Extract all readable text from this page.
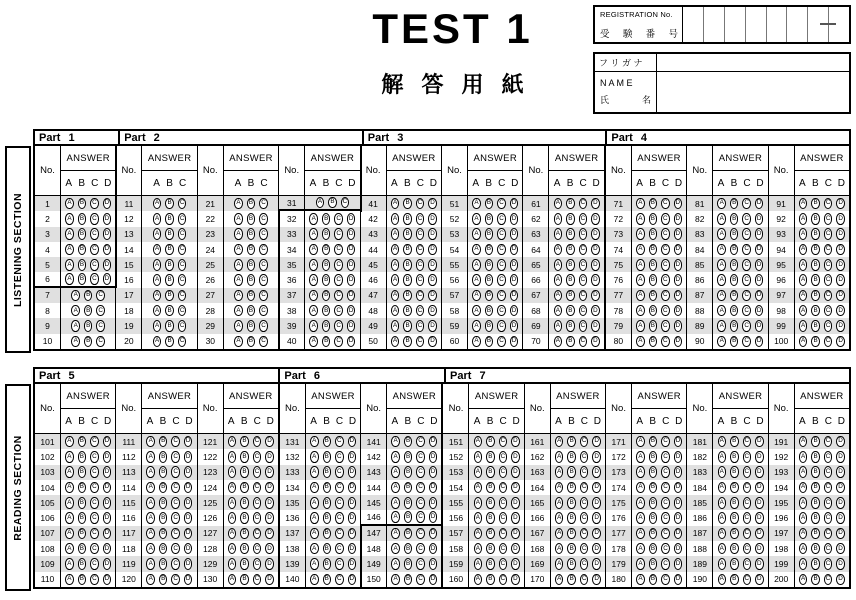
TEST 1
解 答 用 紙
REGISTRATION No.
受 験 番 号
フ リ ガ ナ
N A M E
氏	名
LISTENING SECTION
Part 1	Part 2	Part 3	Part 4
No.
ANSWER
A B C D
1	A	B	C	D
2	A	B	C	D
3	A	B	C	D
4	A	B	C	D
5	A	B	C	D
6	A	B	C	D
7	A	B	C
8	A	B	C
9	A	B	C
10	A	B	C
No.
ANSWER
A B C
11	A	B	C
12	A	B	C
13	A	B	C
14	A	B	C
15	A	B	C
16	A	B	C
17	A	B	C
18	A	B	C
19	A	B	C
20	A	B	C
No.
ANSWER
A B C
21	A	B	C
22	A	B	C
23	A	B	C
24	A	B	C
25	A	B	C
26	A	B	C
27	A	B	C
28	A	B	C
29	A	B	C
30	A	B	C
No.
ANSWER
A B C D
31	A	B	C
32	A	B	C	D
33	A	B	C	D
34	A	B	C	D
35	A	B	C	D
36	A	B	C	D
37	A	B	C	D
38	A	B	C	D
39	A	B	C	D
40	A	B	C	D
No.
ANSWER
A B C D
41	A	B	C	D
42	A	B	C	D
43	A	B	C	D
44	A	B	C	D
45	A	B	C	D
46	A	B	C	D
47	A	B	C	D
48	A	B	C	D
49	A	B	C	D
50	A	B	C	D
No.
ANSWER
A B C D
51	A	B	C	D
52	A	B	C	D
53	A	B	C	D
54	A	B	C	D
55	A	B	C	D
56	A	B	C	D
57	A	B	C	D
58	A	B	C	D
59	A	B	C	D
60	A	B	C	D
No.
ANSWER
A B C D
61	A	B	C	D
62	A	B	C	D
63	A	B	C	D
64	A	B	C	D
65	A	B	C	D
66	A	B	C	D
67	A	B	C	D
68	A	B	C	D
69	A	B	C	D
70	A	B	C	D
No.
ANSWER
A B C D
71	A	B	C	D
72	A	B	C	D
73	A	B	C	D
74	A	B	C	D
75	A	B	C	D
76	A	B	C	D
77	A	B	C	D
78	A	B	C	D
79	A	B	C	D
80	A	B	C	D
No.
ANSWER
A B C D
81	A	B	C	D
82	A	B	C	D
83	A	B	C	D
84	A	B	C	D
85	A	B	C	D
86	A	B	C	D
87	A	B	C	D
88	A	B	C	D
89	A	B	C	D
90	A	B	C	D
No.
ANSWER
A B C D
91	A	B	C	D
92	A	B	C	D
93	A	B	C	D
94	A	B	C	D
95	A	B	C	D
96	A	B	C	D
97	A	B	C	D
98	A	B	C	D
99	A	B	C	D
100	A	B	C	D
READING SECTION
Part 5	Part 6	Part 7
No.
ANSWER
A B C D
101	A	B	C	D
102	A	B	C	D
103	A	B	C	D
104	A	B	C	D
105	A	B	C	D
106	A	B	C	D
107	A	B	C	D
108	A	B	C	D
109	A	B	C	D
110	A	B	C	D
No.
ANSWER
A B C D
111	A	B	C	D
112	A	B	C	D
113	A	B	C	D
114	A	B	C	D
115	A	B	C	D
116	A	B	C	D
117	A	B	C	D
118	A	B	C	D
119	A	B	C	D
120	A	B	C	D
No.
ANSWER
A B C D
121	A	B	C	D
122	A	B	C	D
123	A	B	C	D
124	A	B	C	D
125	A	B	C	D
126	A	B	C	D
127	A	B	C	D
128	A	B	C	D
129	A	B	C	D
130	A	B	C	D
No.
ANSWER
A B C D
131	A	B	C	D
132	A	B	C	D
133	A	B	C	D
134	A	B	C	D
135	A	B	C	D
136	A	B	C	D
137	A	B	C	D
138	A	B	C	D
139	A	B	C	D
140	A	B	C	D
No.
ANSWER
A B C D
141	A	B	C	D
142	A	B	C	D
143	A	B	C	D
144	A	B	C	D
145	A	B	C	D
146	A	B	C	D
147	A	B	C	D
148	A	B	C	D
149	A	B	C	D
150	A	B	C	D
No.
ANSWER
A B C D
151	A	B	C	D
152	A	B	C	D
153	A	B	C	D
154	A	B	C	D
155	A	B	C	D
156	A	B	C	D
157	A	B	C	D
158	A	B	C	D
159	A	B	C	D
160	A	B	C	D
No.
ANSWER
A B C D
161	A	B	C	D
162	A	B	C	D
163	A	B	C	D
164	A	B	C	D
165	A	B	C	D
166	A	B	C	D
167	A	B	C	D
168	A	B	C	D
169	A	B	C	D
170	A	B	C	D
No.
ANSWER
A B C D
171	A	B	C	D
172	A	B	C	D
173	A	B	C	D
174	A	B	C	D
175	A	B	C	D
176	A	B	C	D
177	A	B	C	D
178	A	B	C	D
179	A	B	C	D
180	A	B	C	D
No.
ANSWER
A B C D
181	A	B	C	D
182	A	B	C	D
183	A	B	C	D
184	A	B	C	D
185	A	B	C	D
186	A	B	C	D
187	A	B	C	D
188	A	B	C	D
189	A	B	C	D
190	A	B	C	D
No.
ANSWER
A B C D
191	A	B	C	D
192	A	B	C	D
193	A	B	C	D
194	A	B	C	D
195	A	B	C	D
196	A	B	C	D
197	A	B	C	D
198	A	B	C	D
199	A	B	C	D
200	A	B	C	D
